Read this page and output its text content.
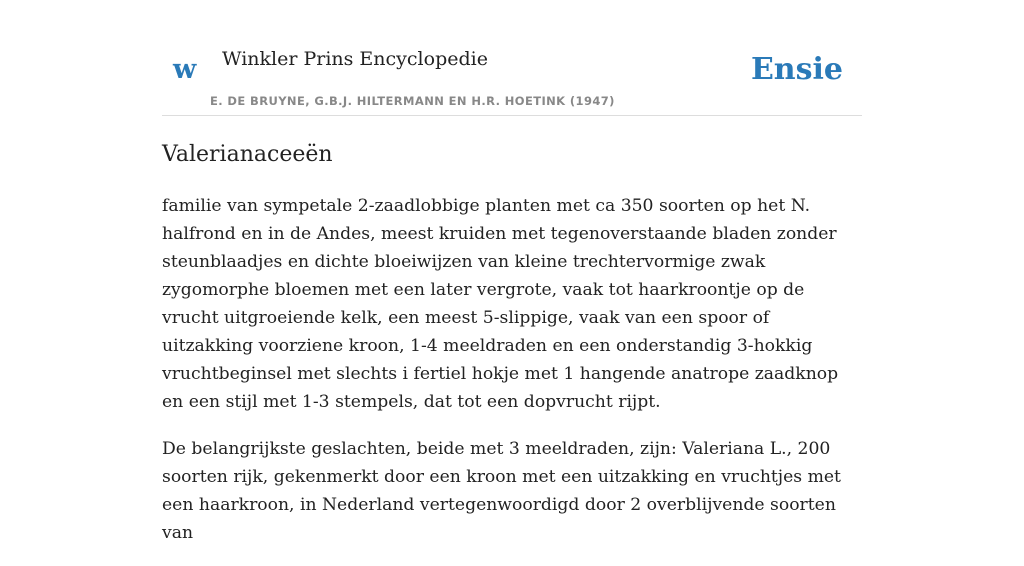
w Winkler Prins Encyclopedie
E. DE BRUYNE, G.B.J. HILTERMANN EN H.R. HOETINK (1947)
Ensie
Valerianaceeën

familie van sympetale 2-zaadlobbige planten met ca 350 soorten op het N. halfrond en in de Andes, meest kruiden met tegenoverstaande bladen zonder steunblaadjes en dichte bloeiwijzen van kleine trechtervormige zwak zygomorphe bloemen met een later vergrote, vaak tot haarkroontje op de vrucht uitgroeiende kelk, een meest 5-slippige, vaak van een spoor of uitzakking voorziene kroon, 1-4 meeldraden en een onderstandig 3-hokkig vruchtbeginsel met slechts i fertiel hokje met 1 hangende anatrope zaadknop en een stijl met 1-3 stempels, dat tot een dopvrucht rijpt.

De belangrijkste geslachten, beide met 3 meeldraden, zijn: Valeriana L., 200 soorten rijk, gekenmerkt door een kroon met een uitzakking en vruchtjes met een haarkroon, in Nederland vertegenwoordigd door 2 overblijvende soorten van
